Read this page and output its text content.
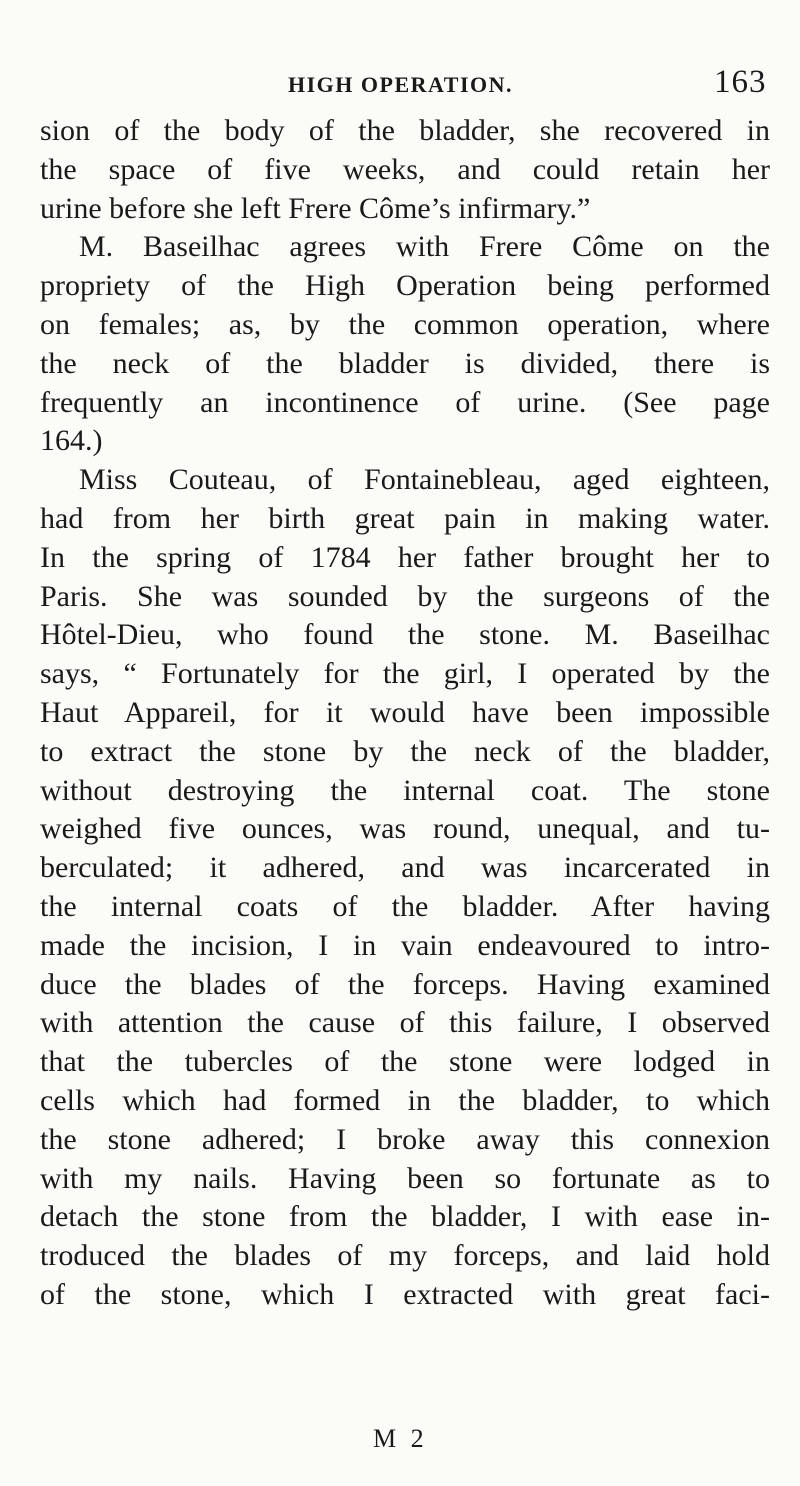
HIGH OPERATION.	163
sion of the body of the bladder, she recovered in
the space of five weeks, and could retain her
urine before she left Frere Côme’s infirmary.”
M. Baseilhac agrees with Frere Côme on the
propriety of the High Operation being performed
on females; as, by the common operation, where
the neck of the bladder is divided, there is
frequently an incontinence of urine. (See page
164.)
Miss Couteau, of Fontainebleau, aged eighteen,
had from her birth great pain in making water.
In the spring of 1784 her father brought her to
Paris. She was sounded by the surgeons of the
Hôtel-Dieu, who found the stone. M. Baseilhac
says, “ Fortunately for the girl, I operated by the
Haut Appareil, for it would have been impossible
to extract the stone by the neck of the bladder,
without destroying the internal coat. The stone
weighed five ounces, was round, unequal, and tu-
berculated; it adhered, and was incarcerated in
the internal coats of the bladder. After having
made the incision, I in vain endeavoured to intro-
duce the blades of the forceps. Having examined
with attention the cause of this failure, I observed
that the tubercles of the stone were lodged in
cells which had formed in the bladder, to which
the stone adhered; I broke away this connexion
with my nails. Having been so fortunate as to
detach the stone from the bladder, I with ease in-
troduced the blades of my forceps, and laid hold
of the stone, which I extracted with great faci-
M 2
